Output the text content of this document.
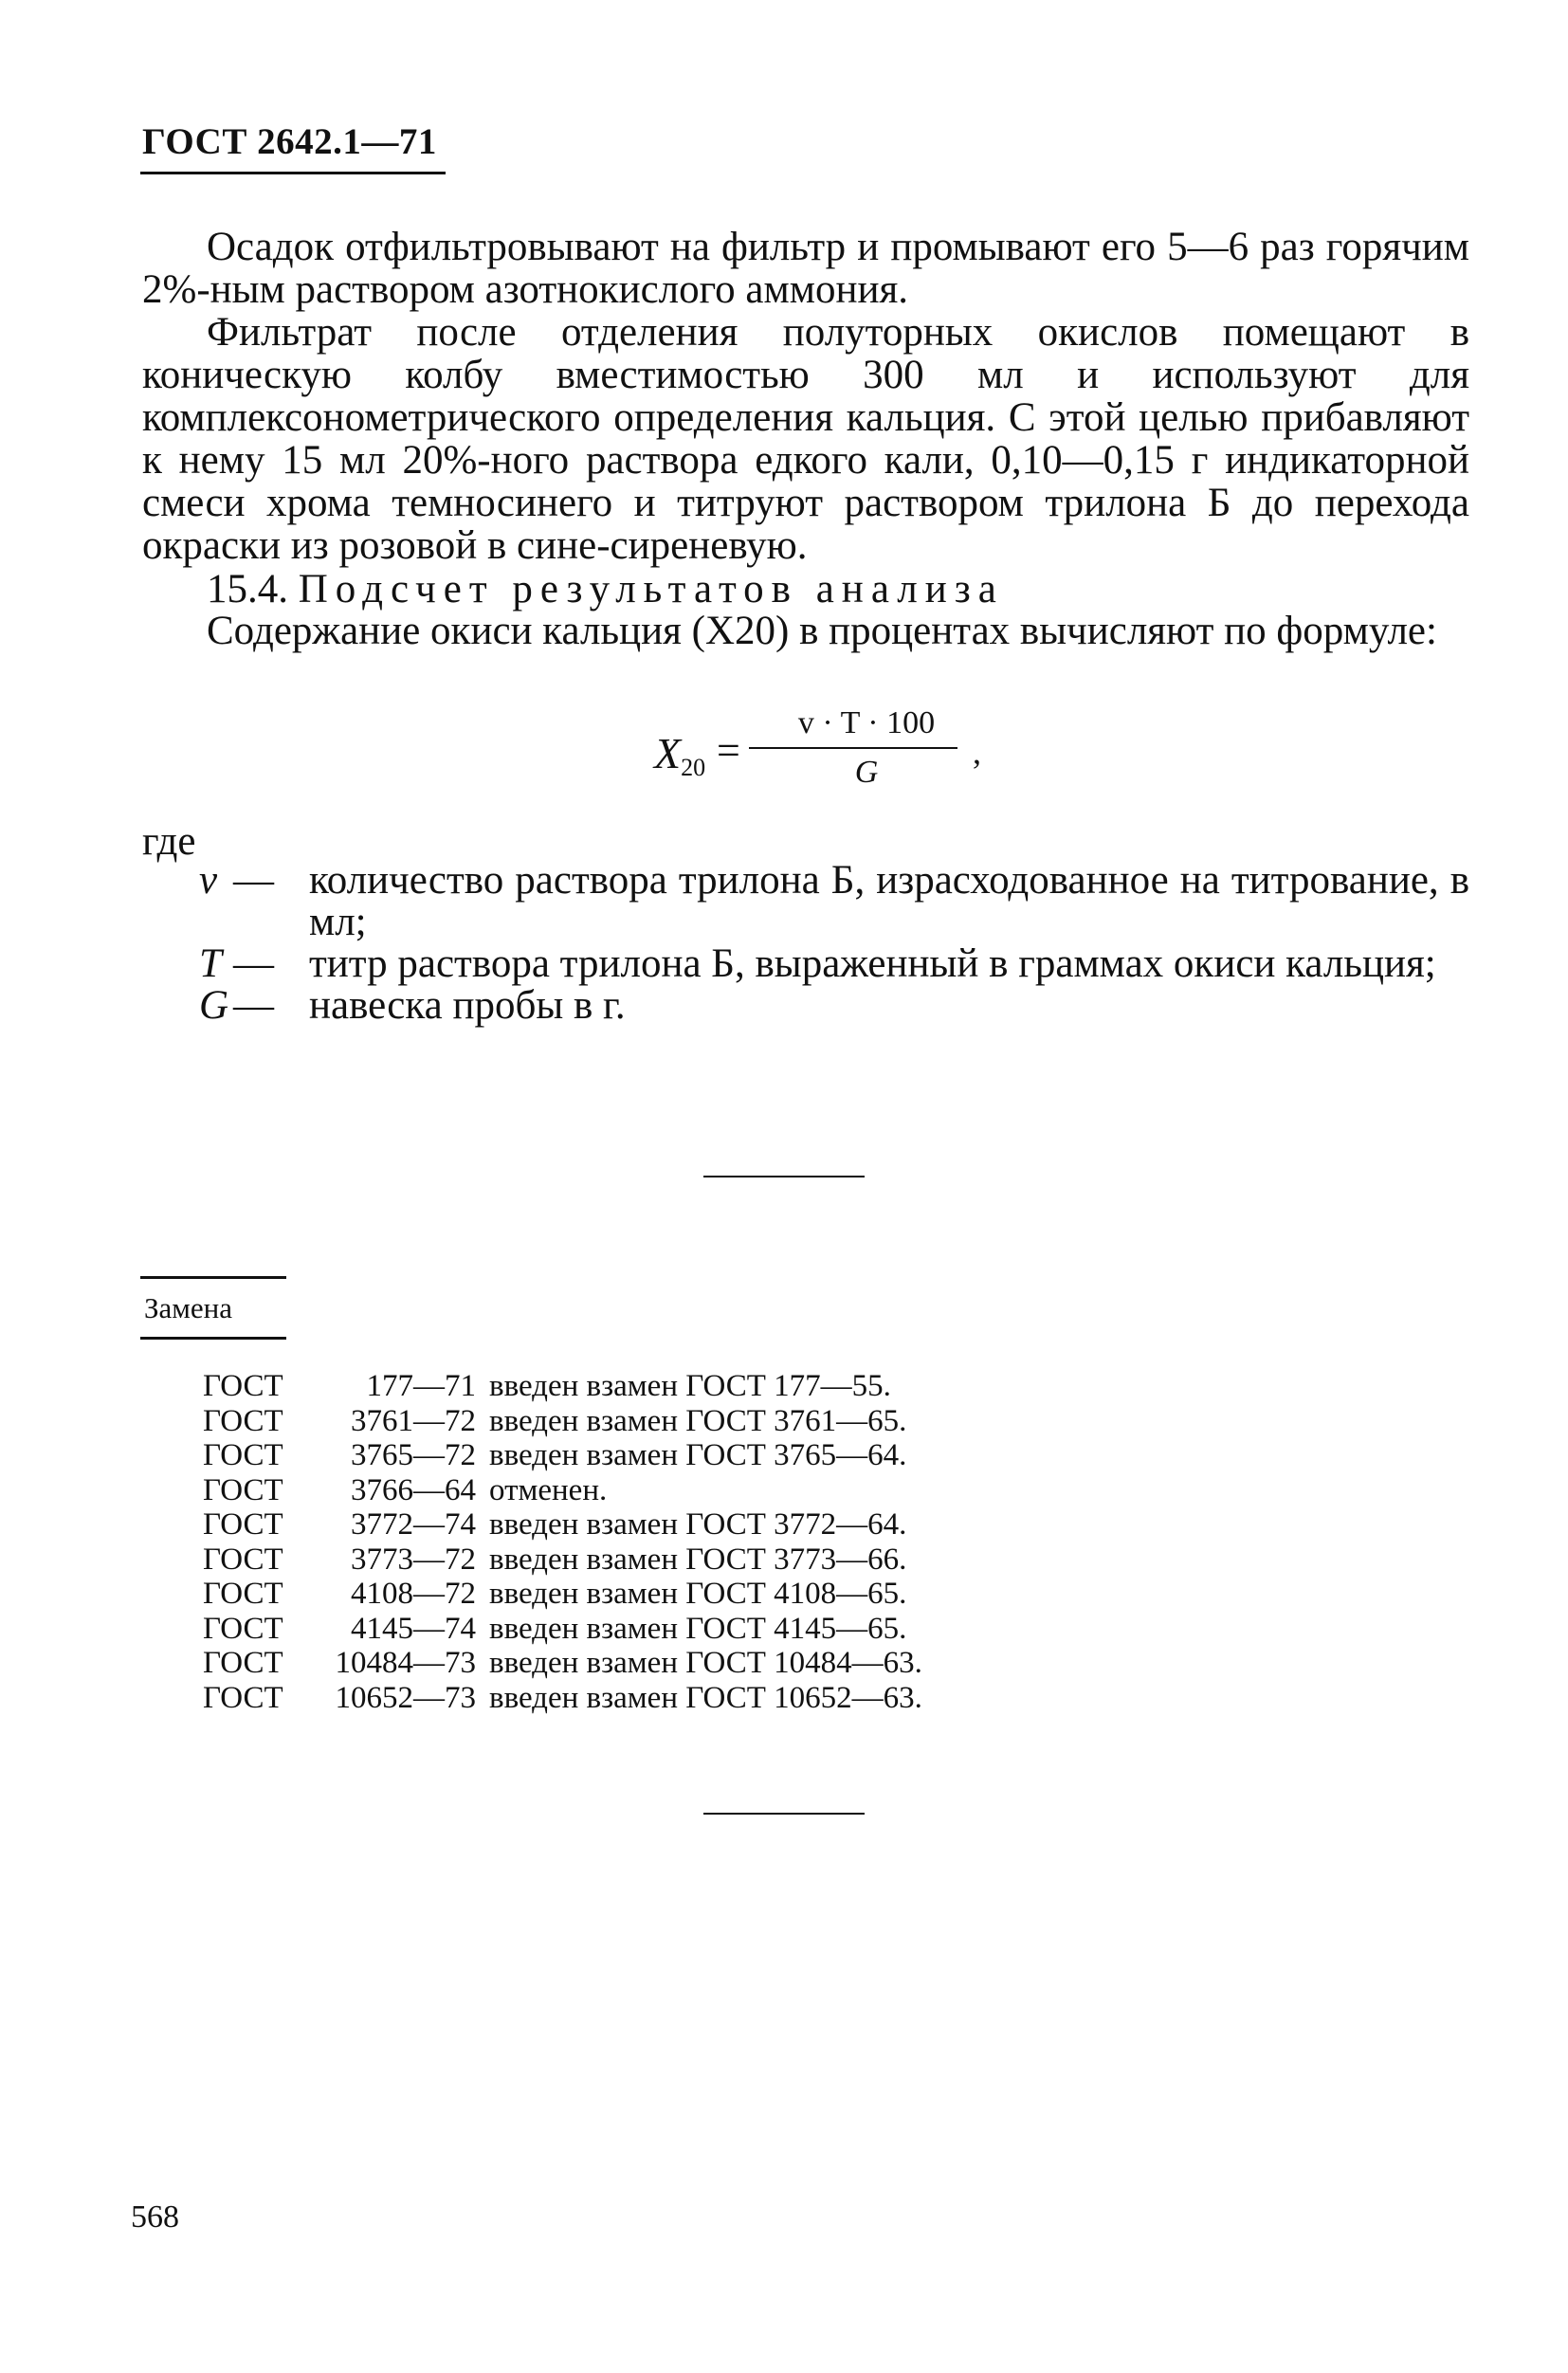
ГОСТ 2642.1—71
Осадок отфильтровывают на фильтр и промывают его 5—6 раз горячим 2%-ным раствором азотнокислого аммония.
Фильтрат после отделения полуторных окислов помещают в коническую колбу вместимостью 300 мл и используют для комплексонометрического определения кальция. С этой целью прибавляют к нему 15 мл 20%-ного раствора едкого кали, 0,10—0,15 г индикаторной смеси хрома темносинего и титруют раствором трилона Б до перехода окраски из розовой в сине-сиреневую.
15.4. Подсчет результатов анализа
Содержание окиси кальция (X20) в процентах вычисляют по формуле:
$X_{20}$ =
v · T · 100
G
,
где
v — количество раствора трилона Б, израсходованное на титрование, в мл;
T — титр раствора трилона Б, выраженный в граммах окиси кальция;
G — навеска пробы в г.
Замена
ГОСТ	177—71 введен взамен ГОСТ 177—55.
ГОСТ 3761—72 введен взамен ГОСТ 3761—65.
ГОСТ 3765—72 введен взамен ГОСТ 3765—64.
ГОСТ 3766—64 отменен.
ГОСТ 3772—74 введен взамен ГОСТ 3772—64.
ГОСТ 3773—72 введен взамен ГОСТ 3773—66.
ГОСТ 4108—72 введен взамен ГОСТ 4108—65.
ГОСТ 4145—74 введен взамен ГОСТ 4145—65.
ГОСТ 10484—73 введен взамен ГОСТ 10484—63.
ГОСТ 10652—73 введен взамен ГОСТ 10652—63.
568
